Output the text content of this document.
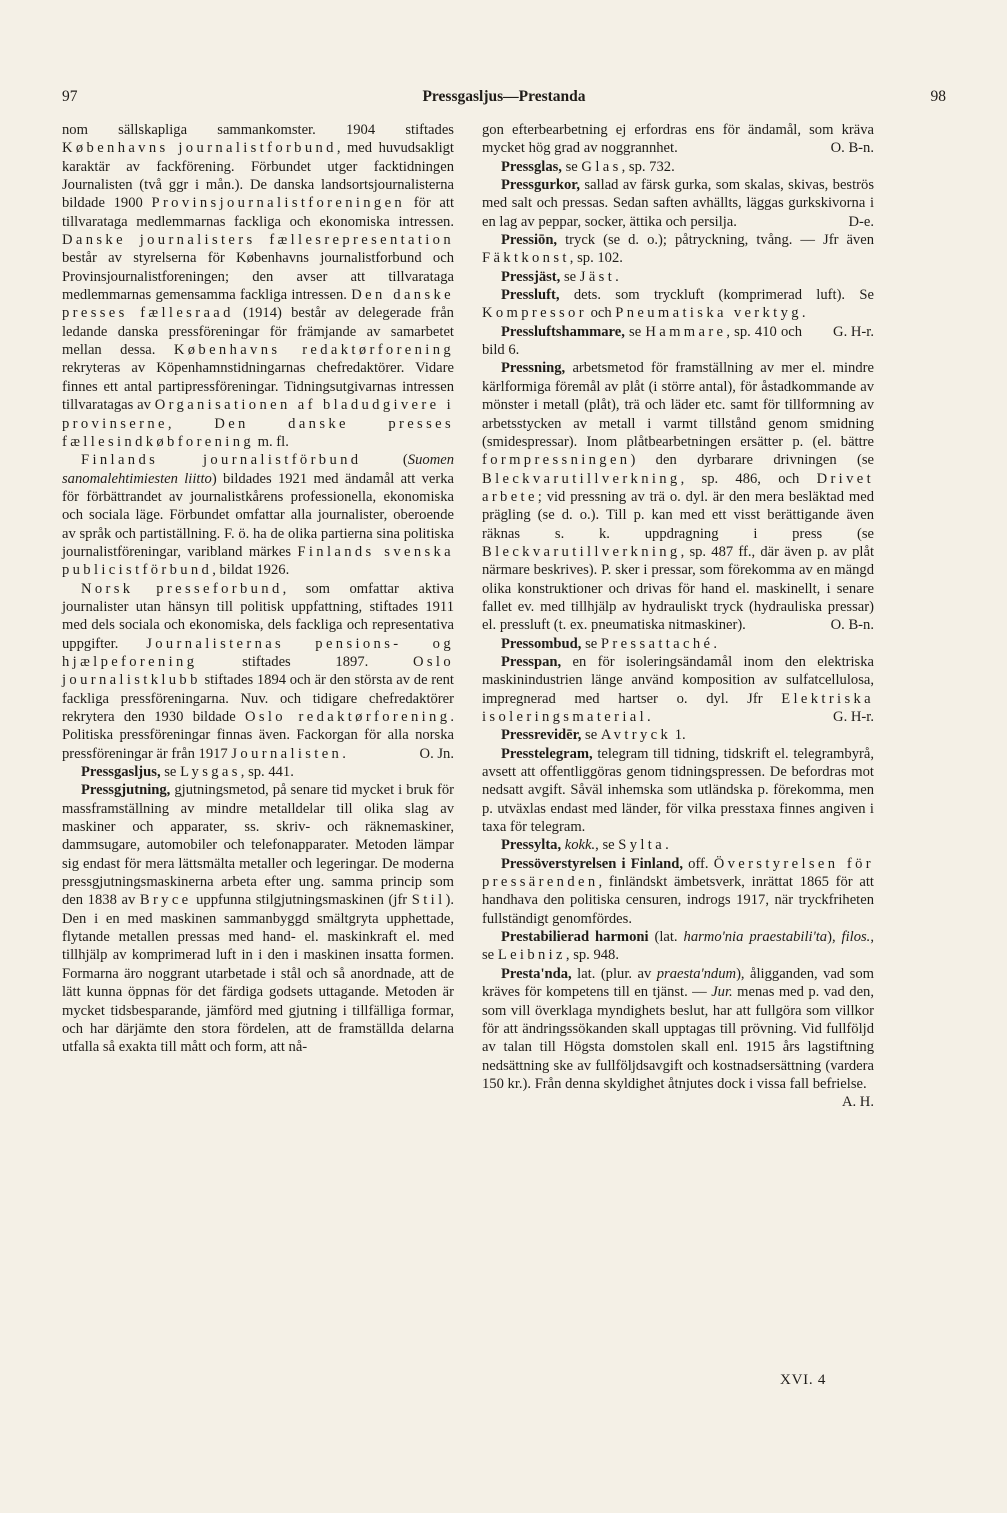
97	Pressgasljus—Prestanda	98

nom sällskapliga sammankomster. 1904 stiftades Københavns journalistforbund, med huvudsakligt karaktär av fackförening. Förbundet utger facktidningen Journalisten (två ggr i mån.). De danska landsortsjournalisterna bildade 1900 Provinsjournalistforeningen för att tillvarataga medlemmarnas fackliga och ekonomiska intressen. Danske journalisters fællesrepresentation består av styrelserna för Københavns journalistforbund och Provinsjournalistforeningen; den avser att tillvarataga medlemmarnas gemensamma fackliga intressen. Den danske presses fællesraad (1914) består av delegerade från ledande danska pressföreningar för främjande av samarbetet mellan dessa. Københavns redaktørforening rekryteras av Köpenhamnstidningarnas chefredaktörer. Vidare finnes ett antal partipressföreningar. Tidningsutgivarnas intressen tillvaratagas av Organisationen af bladudgivere i provinserne, Den danske presses fællesindkøbforening m. fl.

Finlands journalistförbund (Suomen sanomalehtimiesten liitto) bildades 1921 med ändamål att verka för förbättrandet av journalistkårens professionella, ekonomiska och sociala läge. Förbundet omfattar alla journalister, oberoende av språk och partiställning. F. ö. ha de olika partierna sina politiska journalistföreningar, varibland märkes Finlands svenska publicistförbund, bildat 1926.

Norsk presseforbund, som omfattar aktiva journalister utan hänsyn till politisk uppfattning, stiftades 1911 med dels sociala och ekonomiska, dels fackliga och representativa uppgifter. Journalisternas pensions- og hjælpeforening stiftades 1897. Oslo journalistklubb stiftades 1894 och är den största av de rent fackliga pressföreningarna. Nuv. och tidigare chefredaktörer rekrytera den 1930 bildade Oslo redaktørforening. Politiska pressföreningar finnas även. Fackorgan för alla norska pressföreningar är från 1917 Journalisten.	O. Jn.

Pressgasljus, se Lysgas, sp. 441.

Pressgjutning, gjutningsmetod, på senare tid mycket i bruk för massframställning av mindre metalldelar till olika slag av maskiner och apparater, ss. skriv- och räknemaskiner, dammsugare, automobiler och telefonapparater. Metoden lämpar sig endast för mera lättsmälta metaller och legeringar. De moderna pressgjutningsmaskinerna arbeta efter ung. samma princip som den 1838 av Bryce uppfunna stilgjutningsmaskinen (jfr Stil). Den i en med maskinen sammanbyggd smältgryta upphettade, flytande metallen pressas med hand- el. maskinkraft el. med tillhjälp av komprimerad luft in i den i maskinen insatta formen. Formarna äro noggrant utarbetade i stål och så anordnade, att de lätt kunna öppnas för det färdiga godsets uttagande. Metoden är mycket tidsbesparande, jämförd med gjutning i tillfälliga formar, och har därjämte den stora fördelen, att de framställda delarna utfalla så exakta till mått och form, att nå-

gon efterbearbetning ej erfordras ens för ändamål, som kräva mycket hög grad av noggrannhet.	O. B-n.

Pressglas, se Glas, sp. 732.

Pressgurkor, sallad av färsk gurka, som skalas, skivas, beströs med salt och pressas. Sedan saften avhällts, läggas gurkskivorna i en lag av peppar, socker, ättika och persilja.	D-e.

Pressiōn, tryck (se d. o.); påtryckning, tvång. — Jfr även Fäktkonst, sp. 102.

Pressjäst, se Jäst.

Pressluft, dets. som tryckluft (komprimerad luft). Se Kompressor och Pneumatiska verktyg.
G. H-r.

Pressluftshammare, se Hammare, sp. 410 och bild 6.

Pressning, arbetsmetod för framställning av mer el. mindre kärlformiga föremål av plåt (i större antal), för åstadkommande av mönster i metall (plåt), trä och läder etc. samt för tillformning av arbetsstycken av metall i varmt tillstånd genom smidning (smidespressar). Inom plåtbearbetningen ersätter p. (el. bättre formpressningen) den dyrbarare drivningen (se Bleckvarutillverkning, sp. 486, och Drivet arbete; vid pressning av trä o. dyl. är den mera besläktad med prägling (se d. o.). Till p. kan med ett visst berättigande även räknas s. k. uppdragning i press (se Bleckvarutillverkning, sp. 487 ff., där även p. av plåt närmare beskrives). P. sker i pressar, som förekomma av en mängd olika konstruktioner och drivas för hand el. maskinellt, i senare fallet ev. med tillhjälp av hydrauliskt tryck (hydrauliska pressar) el. pressluft (t. ex. pneumatiska nitmaskiner).	O. B-n.

Pressombud, se Pressattaché.

Presspan, en för isoleringsändamål inom den elektriska maskinindustrien länge använd komposition av sulfatcellulosa, impregnerad med hartser o. dyl. Jfr Elektriska isoleringsmaterial.	G. H-r.

Pressrevidēr, se Avtryck 1.

Presstelegram, telegram till tidning, tidskrift el. telegrambyrå, avsett att offentliggöras genom tidningspressen. De befordras mot nedsatt avgift. Såväl inhemska som utländska p. förekomma, men p. utväxlas endast med länder, för vilka presstaxa finnes angiven i taxa för telegram.

Pressylta, kokk., se Sylta.

Pressöverstyrelsen i Finland, off. Överstyrelsen för pressärenden, finländskt ämbetsverk, inrättat 1865 för att handhava den politiska censuren, indrogs 1917, när tryckfriheten fullständigt genomfördes.

Prestabilierad harmoni (lat. harmo'nia praestabili'ta), filos., se Leibniz, sp. 948.

Presta'nda, lat. (plur. av praesta'ndum), åligganden, vad som kräves för kompetens till en tjänst. — Jur. menas med p. vad den, som vill överklaga myndighets beslut, har att fullgöra som villkor för att ändringssökanden skall upptagas till prövning. Vid fullföljd av talan till Högsta domstolen skall enl. 1915 års lagstiftning nedsättning ske av fullföljdsavgift och kostnadsersättning (vardera 150 kr.). Från denna skyldighet åtnjutes dock i vissa fall befrielse.
A. H.

XVI. 4
